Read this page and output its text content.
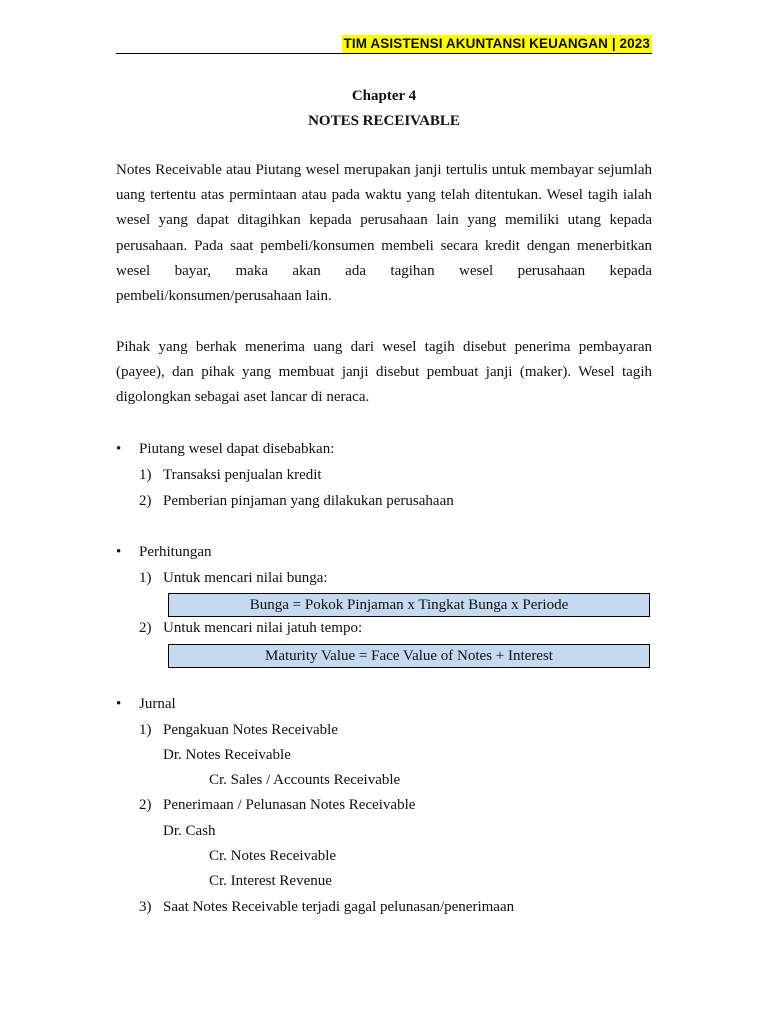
TIM ASISTENSI AKUNTANSI KEUANGAN | 2023
Chapter 4
NOTES RECEIVABLE

Notes Receivable atau Piutang wesel merupakan janji tertulis untuk membayar sejumlah uang tertentu atas permintaan atau pada waktu yang telah ditentukan. Wesel tagih ialah wesel yang dapat ditagihkan kepada perusahaan lain yang memiliki utang kepada perusahaan. Pada saat pembeli/konsumen membeli secara kredit dengan menerbitkan wesel bayar, maka akan ada tagihan wesel perusahaan kepada pembeli/konsumen/perusahaan lain.

Pihak yang berhak menerima uang dari wesel tagih disebut penerima pembayaran (payee), dan pihak yang membuat janji disebut pembuat janji (maker). Wesel tagih digolongkan sebagai aset lancar di neraca.

• Piutang wesel dapat disebabkan:
1) Transaksi penjualan kredit
2) Pemberian pinjaman yang dilakukan perusahaan
• Perhitungan
1) Untuk mencari nilai bunga:
Bunga = Pokok Pinjaman x Tingkat Bunga x Periode
2) Untuk mencari nilai jatuh tempo:
Maturity Value = Face Value of Notes + Interest
• Jurnal
1) Pengakuan Notes Receivable
Dr. Notes Receivable
Cr. Sales / Accounts Receivable
2) Penerimaan / Pelunasan Notes Receivable
Dr. Cash
Cr. Notes Receivable
Cr. Interest Revenue
3) Saat Notes Receivable terjadi gagal pelunasan/penerimaan
